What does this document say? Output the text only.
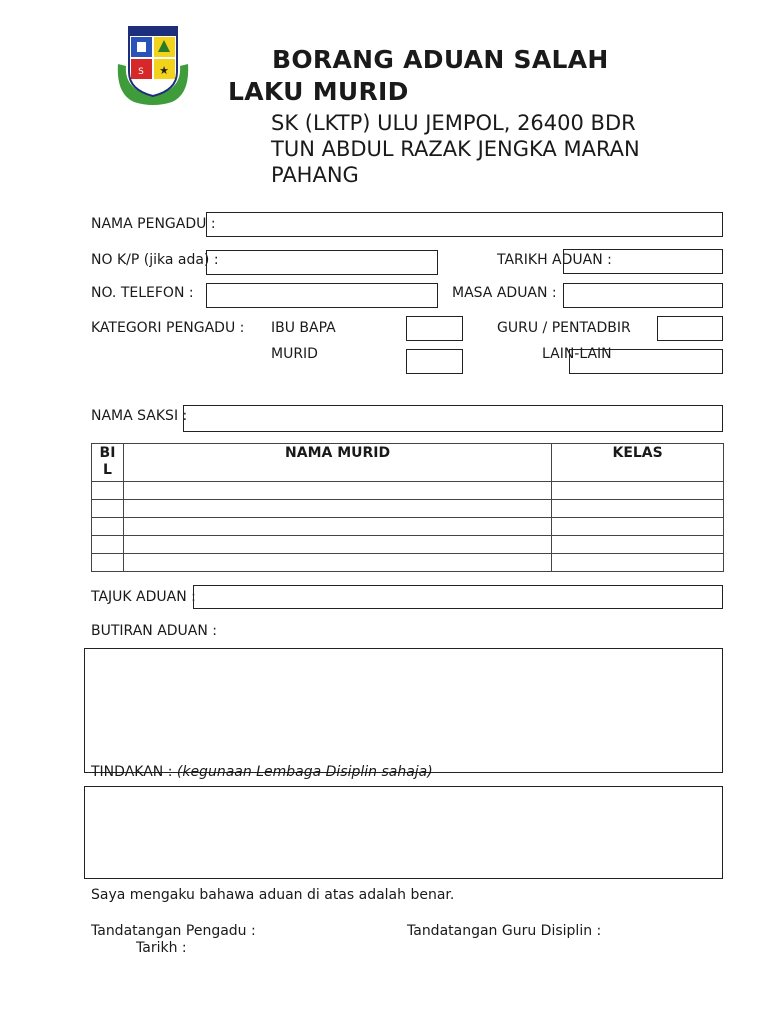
S ★	BORANG ADUAN SALAH
LAKU MURID
SK (LKTP) ULU JEMPOL, 26400 BDR
TUN ABDUL RAZAK JENGKA MARAN
PAHANG
NAMA PENGADU :
NO K/P (jika ada) :	TARIKH ADUAN :
NO. TELEFON :	MASA ADUAN :
KATEGORI PENGADU : IBU BAPA	GURU / PENTADBIR
MURID	LAIN-LAIN
NAMA SAKSI :
BIL	NAMA MURID	KELAS

TAJUK ADUAN :
BUTIRAN ADUAN :
TINDAKAN : (kegunaan Lembaga Disiplin sahaja)
Saya mengaku bahawa aduan di atas adalah benar.
Tandatangan Pengadu :	Tandatangan Guru Disiplin :
Tarikh :
